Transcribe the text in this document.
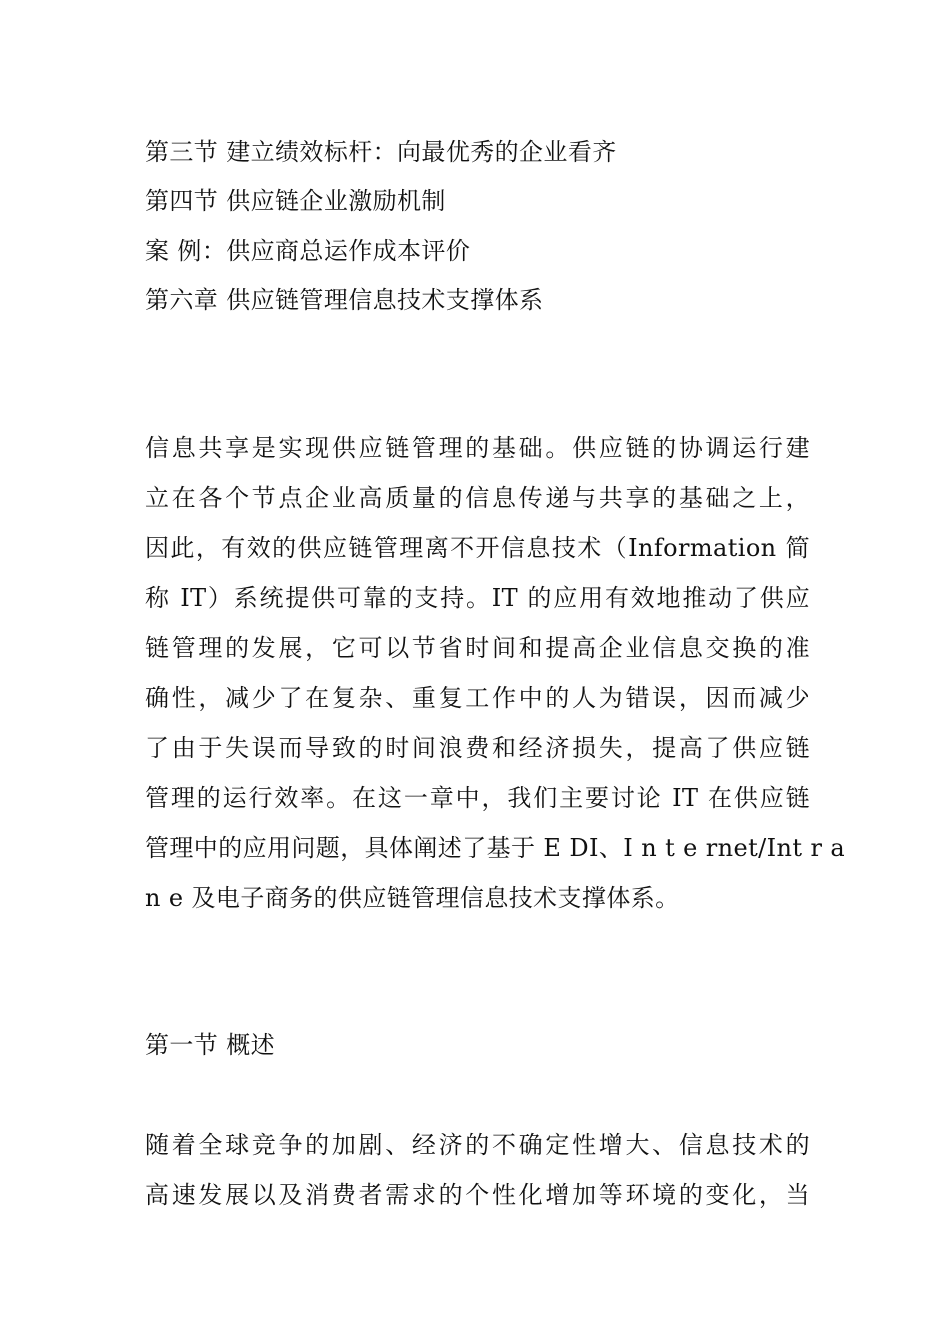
第三节 建立绩效标杆：向最优秀的企业看齐
第四节 供应链企业激励机制
案 例：供应商总运作成本评价
第六章 供应链管理信息技术支撑体系
信息共享是实现供应链管理的基础。供应链的协调运行建
立在各个节点企业高质量的信息传递与共享的基础之上，
因此，有效的供应链管理离不开信息技术（Information 简
称 IT）系统提供可靠的支持。IT 的应用有效地推动了供应
链管理的发展，它可以节省时间和提高企业信息交换的准
确性，减少了在复杂、重复工作中的人为错误，因而减少
了由于失误而导致的时间浪费和经济损失，提高了供应链
管理的运行效率。在这一章中，我们主要讨论 IT 在供应链
管理中的应用问题，具体阐述了基于 E DI、I n t e rnet/Int r a
n e 及电子商务的供应链管理信息技术支撑体系。
第一节 概述
随着全球竞争的加剧、经济的不确定性增大、信息技术的
高速发展以及消费者需求的个性化增加等环境的变化，当
